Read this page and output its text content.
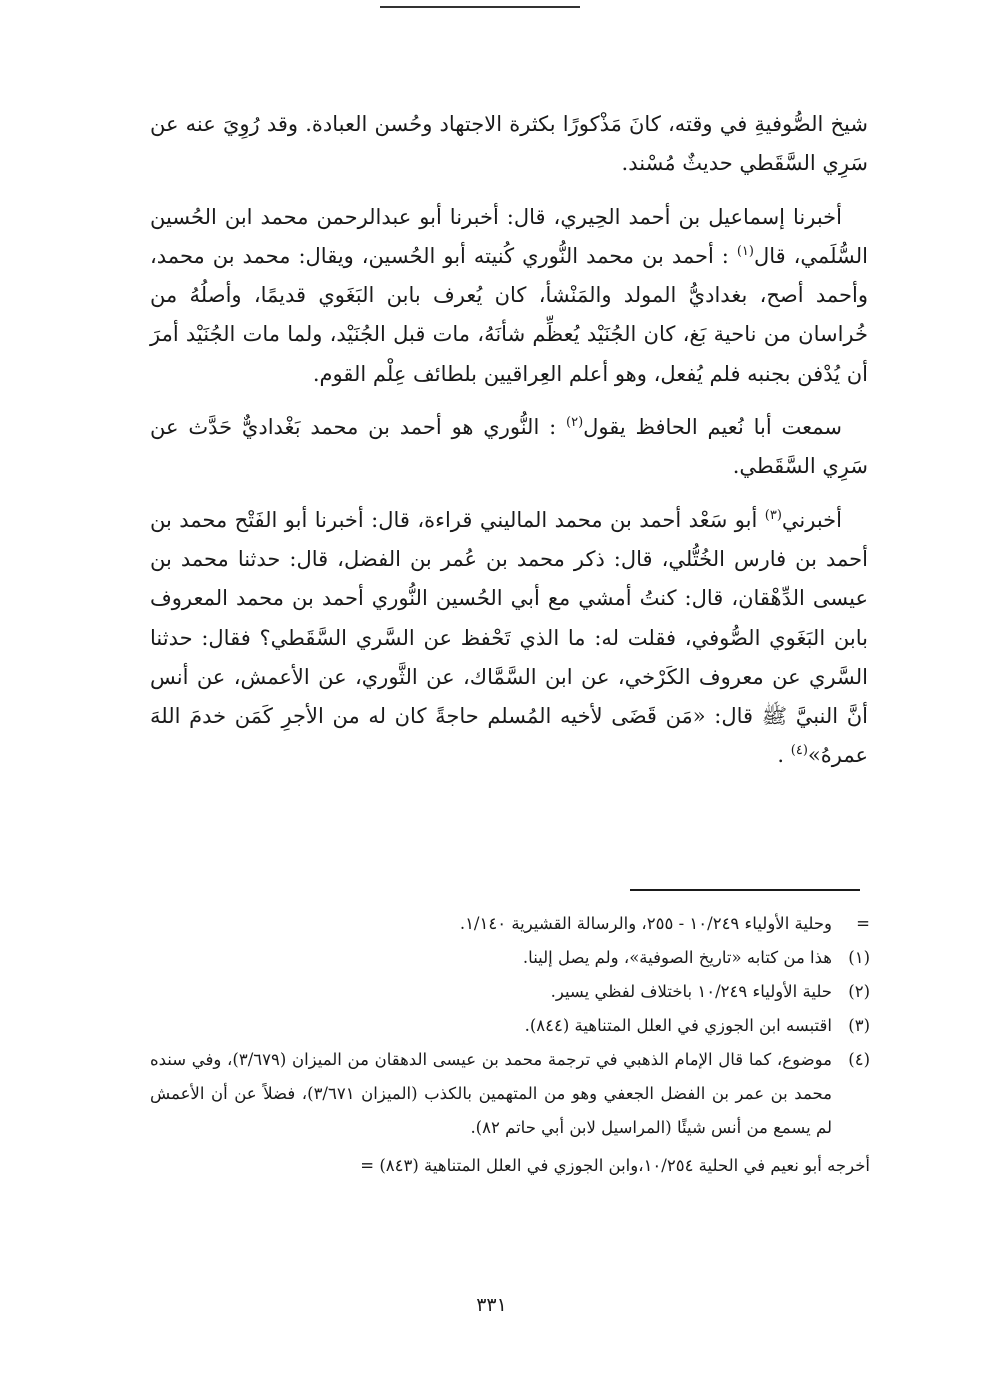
شيخ الصُّوفيةِ في وقته، كانَ مَذْكورًا بكثرة الاجتهاد وحُسن العبادة. وقد رُوِيَ عنه عن سَرِي السَّقَطي حديثٌ مُسْند.

أخبرنا إسماعيل بن أحمد الحِيري، قال: أخبرنا أبو عبدالرحمن محمد ابن الحُسين السُّلَمي، قال$^{(١)}$ : أحمد بن محمد النُّوري كُنيته أبو الحُسين، ويقال: محمد بن محمد، وأحمد أصح، بغداديُّ المولد والمَنْشأ، كان يُعرف بابن البَغَوي قديمًا، وأصلُهُ من خُراسان من ناحية بَغ، كان الجُنَيْد يُعظِّم شأنَهُ، مات قبل الجُنَيْد، ولما مات الجُنَيْد أمرَ أن يُدْفن بجنبه فلم يُفعل، وهو أعلم العِراقيين بلطائف عِلْم القوم.

سمعت أبا نُعيم الحافظ يقول$^{(٢)}$ : النُّوري هو أحمد بن محمد بَغْداديٌّ حَدَّث عن سَرِي السَّقَطي.

أخبرني$^{(٣)}$ أبو سَعْد أحمد بن محمد الماليني قراءة، قال: أخبرنا أبو الفَتْح محمد بن أحمد بن فارس الخُتُّلي، قال: ذكر محمد بن عُمر بن الفضل، قال: حدثنا محمد بن عيسى الدِّهْقان، قال: كنتُ أمشي مع أبي الحُسين النُّوري أحمد بن محمد المعروف بابن البَغَوي الصُّوفي، فقلت له: ما الذي تَحْفظ عن السَّري السَّقَطي؟ فقال: حدثنا السَّري عن معروف الكَرْخي، عن ابن السَّمَّاك، عن الثَّوري، عن الأعمش، عن أنس أنَّ النبيَّ ﷺ قال: «مَن قَضَى لأخيه المُسلم حاجةً كان له من الأجرِ كَمَن خدمَ اللهَ عمرهُ»$^{(٤)}$ .

=
وحلية الأولياء ١٠/٢٤٩ - ٢٥٥، والرسالة القشيرية ١/١٤٠.
(١)
هذا من كتابه «تاريخ الصوفية»، ولم يصل إلينا.
(٢)
حلية الأولياء ١٠/٢٤٩ باختلاف لفظي يسير.
(٣)
اقتبسه ابن الجوزي في العلل المتناهية (٨٤٤).
(٤)
موضوع، كما قال الإمام الذهبي في ترجمة محمد بن عيسى الدهقان من الميزان (٣/٦٧٩)، وفي سنده محمد بن عمر بن الفضل الجعفي وهو من المتهمين بالكذب (الميزان ٣/٦٧١)، فضلاً عن أن الأعمش لم يسمع من أنس شيئًا (المراسيل لابن أبي حاتم ٨٢).
أخرجه أبو نعيم في الحلية ١٠/٢٥٤،وابن الجوزي في العلل المتناهية (٨٤٣) =
٣٣١
